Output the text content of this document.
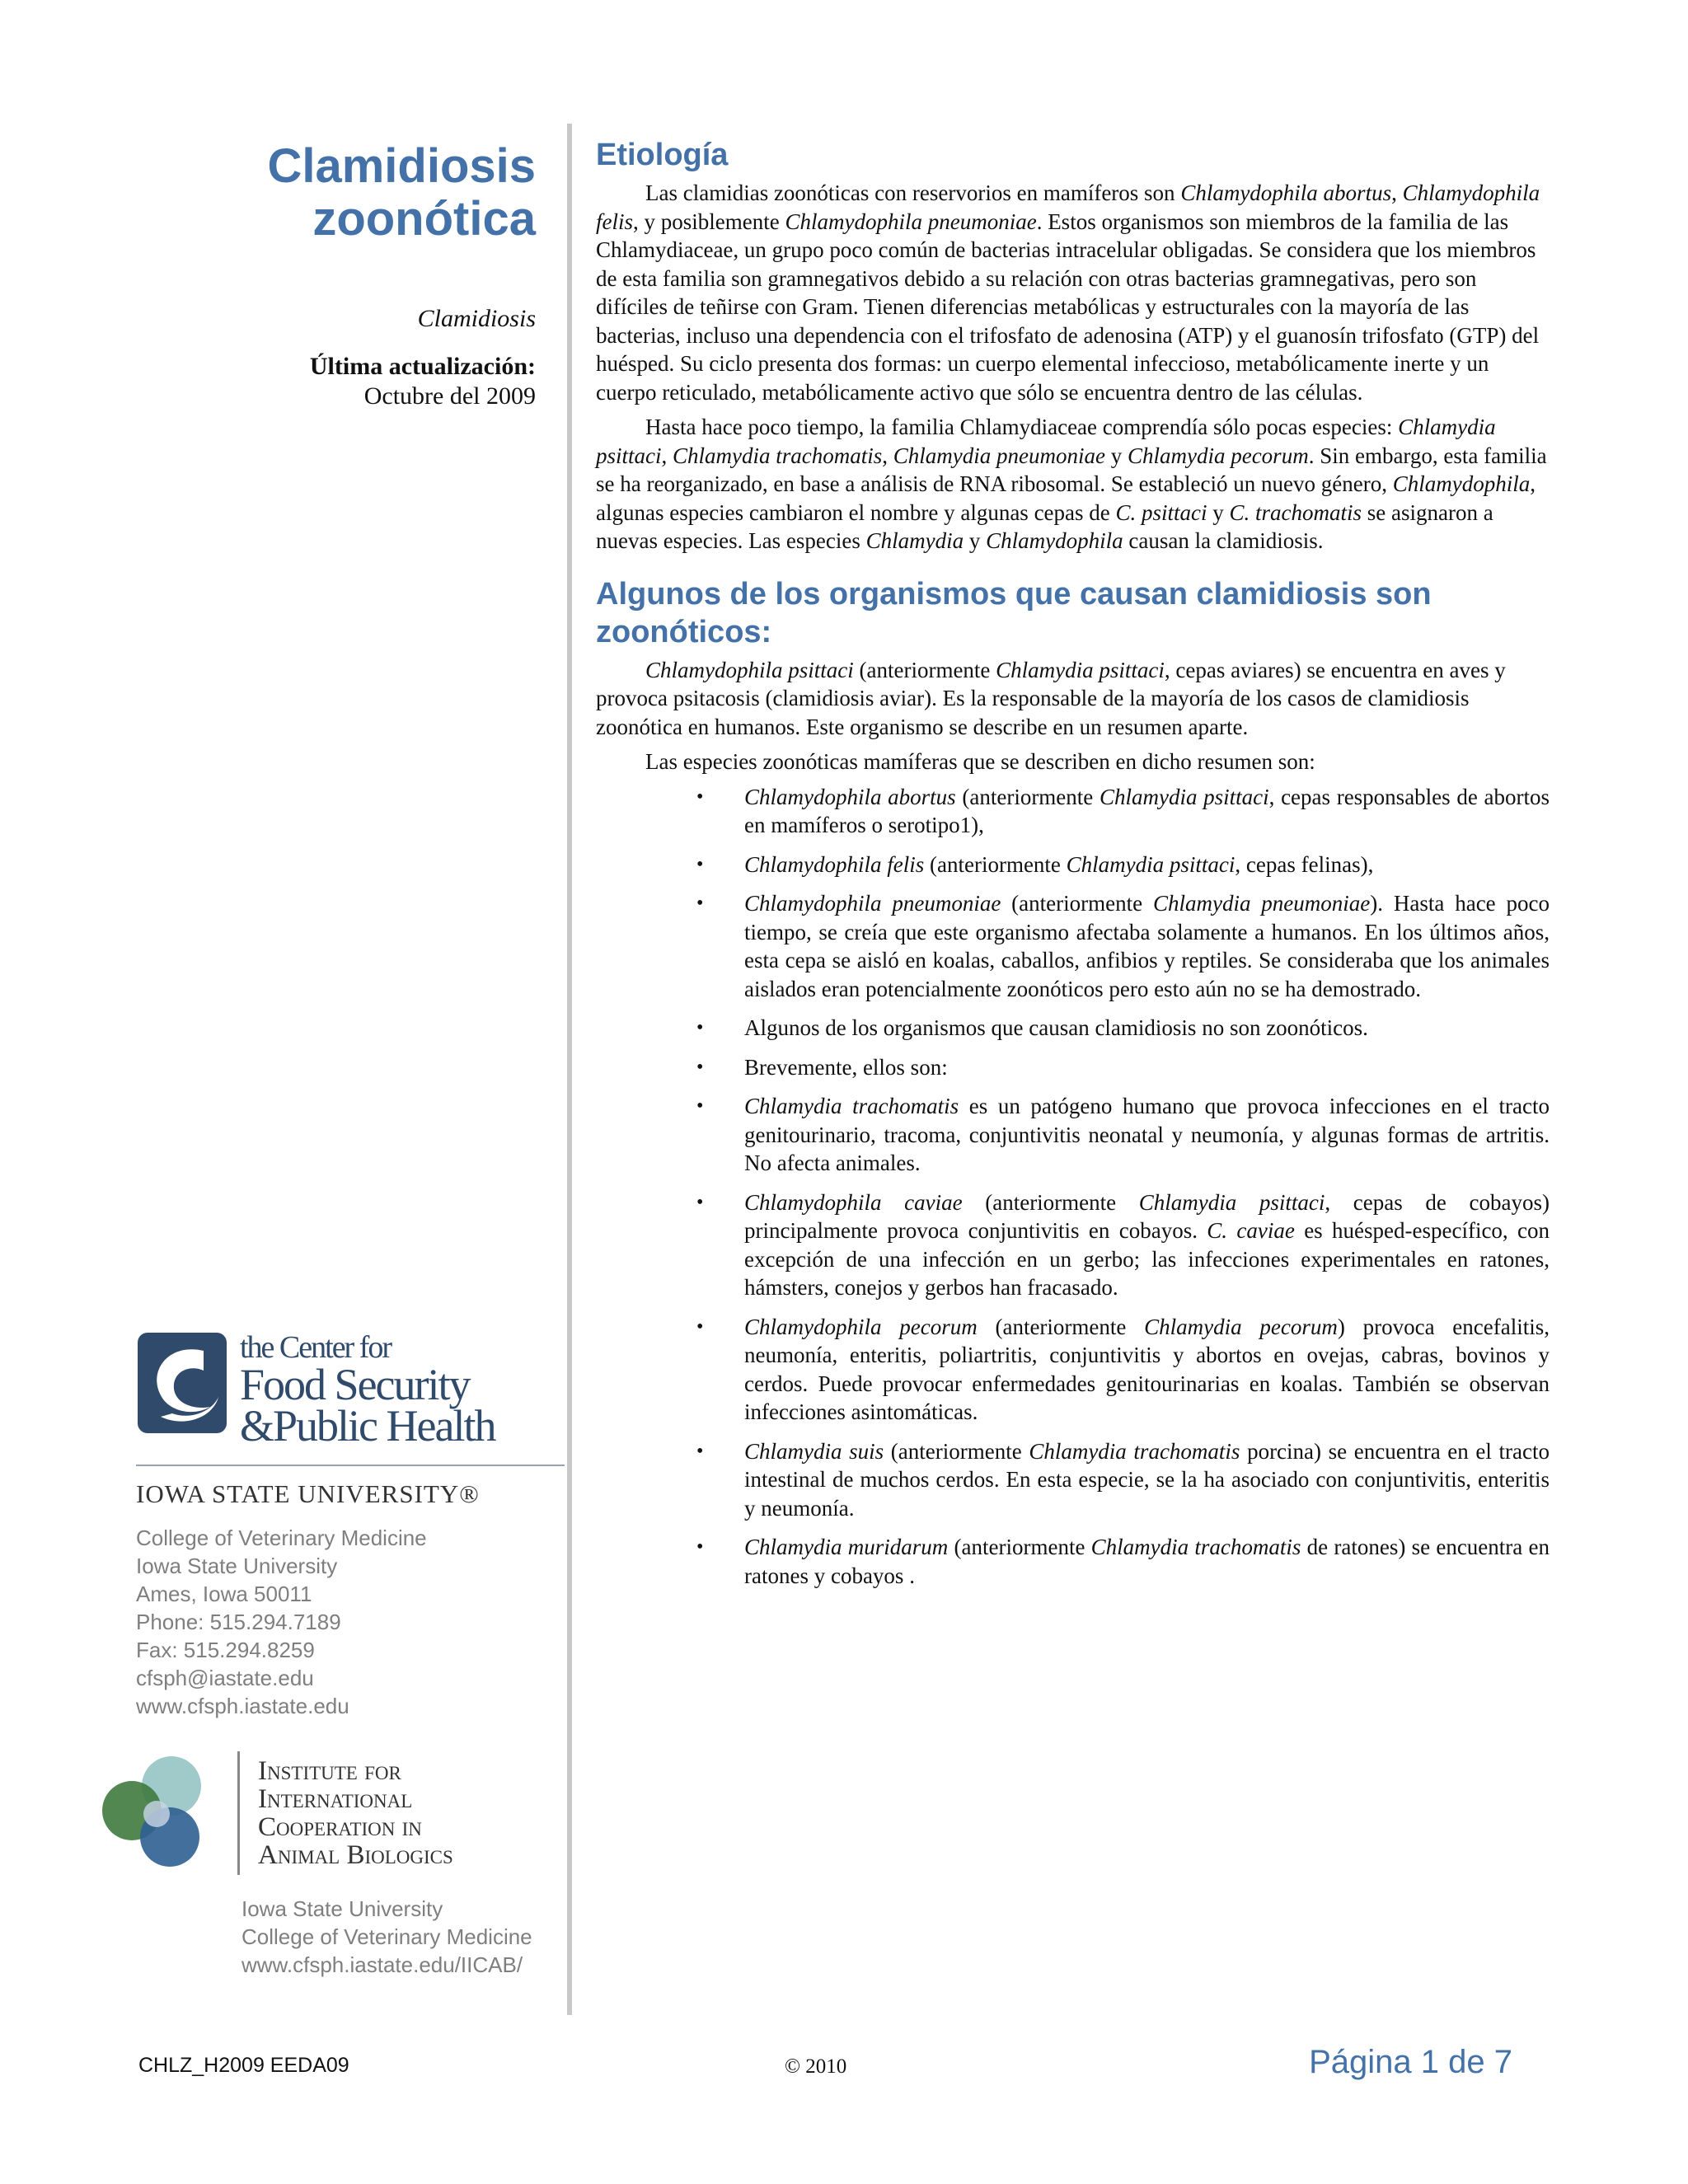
Clamidiosis
zoonótica
Clamidiosis
Última actualización:
Octubre del 2009
the Center for
Food Security
&Public Health
IOWA STATE UNIVERSITY®
College of Veterinary Medicine
Iowa State University
Ames, Iowa 50011
Phone: 515.294.7189
Fax: 515.294.8259
cfsph@iastate.edu
www.cfsph.iastate.edu
Institute for
International
Cooperation in
Animal Biologics
Iowa State University
College of Veterinary Medicine
www.cfsph.iastate.edu/IICAB/
Etiología

Las clamidias zoonóticas con reservorios en mamíferos son Chlamydophila abortus, Chlamydophila felis, y posiblemente Chlamydophila pneumoniae. Estos organismos son miembros de la familia de las Chlamydiaceae, un grupo poco común de bacterias intracelular obligadas. Se considera que los miembros de esta familia son gramnegativos debido a su relación con otras bacterias gramnegativas, pero son difíciles de teñirse con Gram. Tienen diferencias metabólicas y estructurales con la mayoría de las bacterias, incluso una dependencia con el trifosfato de adenosina (ATP) y el guanosín trifosfato (GTP) del huésped. Su ciclo presenta dos formas: un cuerpo elemental infeccioso, metabólicamente inerte y un cuerpo reticulado, metabólicamente activo que sólo se encuentra dentro de las células.

Hasta hace poco tiempo, la familia Chlamydiaceae comprendía sólo pocas especies: Chlamydia psittaci, Chlamydia trachomatis, Chlamydia pneumoniae y Chlamydia pecorum. Sin embargo, esta familia se ha reorganizado, en base a análisis de RNA ribosomal. Se estableció un nuevo género, Chlamydophila, algunas especies cambiaron el nombre y algunas cepas de C. psittaci y C. trachomatis se asignaron a nuevas especies. Las especies Chlamydia y Chlamydophila causan la clamidiosis.

Algunos de los organismos que causan clamidiosis son zoonóticos:

Chlamydophila psittaci (anteriormente Chlamydia psittaci, cepas aviares) se encuentra en aves y provoca psitacosis (clamidiosis aviar). Es la responsable de la mayoría de los casos de clamidiosis zoonótica en humanos. Este organismo se describe en un resumen aparte.

Las especies zoonóticas mamíferas que se describen en dicho resumen son:

• Chlamydophila abortus (anteriormente Chlamydia psittaci, cepas responsables de abortos en mamíferos o serotipo1),
• Chlamydophila felis (anteriormente Chlamydia psittaci, cepas felinas),
• Chlamydophila pneumoniae (anteriormente Chlamydia pneumoniae). Hasta hace poco tiempo, se creía que este organismo afectaba solamente a humanos. En los últimos años, esta cepa se aisló en koalas, caballos, anfibios y reptiles. Se consideraba que los animales aislados eran potencialmente zoonóticos pero esto aún no se ha demostrado.
• Algunos de los organismos que causan clamidiosis no son zoonóticos.
• Brevemente, ellos son:
• Chlamydia trachomatis es un patógeno humano que provoca infecciones en el tracto genitourinario, tracoma, conjuntivitis neonatal y neumonía, y algunas formas de artritis. No afecta animales.
• Chlamydophila caviae (anteriormente Chlamydia psittaci, cepas de cobayos) principalmente provoca conjuntivitis en cobayos. C. caviae es huésped-específico, con excepción de una infección en un gerbo; las infecciones experimentales en ratones, hámsters, conejos y gerbos han fracasado.
• Chlamydophila pecorum (anteriormente Chlamydia pecorum) provoca encefalitis, neumonía, enteritis, poliartritis, conjuntivitis y abortos en ovejas, cabras, bovinos y cerdos. Puede provocar enfermedades genitourinarias en koalas. También se observan infecciones asintomáticas.
• Chlamydia suis (anteriormente Chlamydia trachomatis porcina) se encuentra en el tracto intestinal de muchos cerdos. En esta especie, se la ha asociado con conjuntivitis, enteritis y neumonía.
• Chlamydia muridarum (anteriormente Chlamydia trachomatis de ratones) se encuentra en ratones y cobayos .
CHLZ_H2009 EEDA09	© 2010	Página 1 de 7
